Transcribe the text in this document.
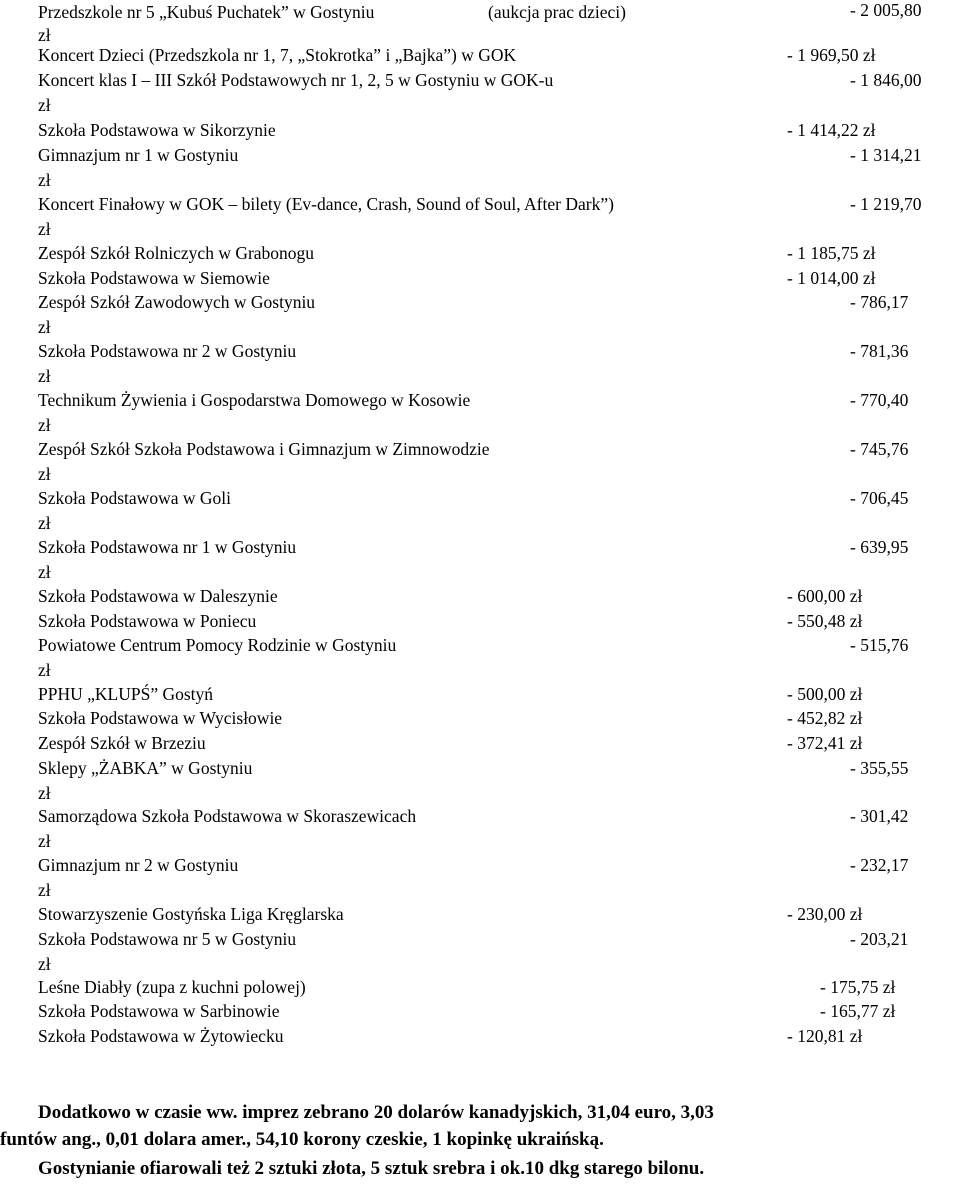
Przedszkole nr 5 „Kubuś Puchatek” w Gostyniu	(aukcja prac dzieci)	- 2 005,80
zł
Koncert Dzieci (Przedszkola nr 1, 7, „Stokrotka” i „Bajka”) w GOK	- 1 969,50 zł
Koncert klas I – III Szkół Podstawowych nr 1, 2, 5 w Gostyniu w GOK-u	- 1 846,00
zł
Szkoła Podstawowa w Sikorzynie	- 1 414,22 zł
Gimnazjum nr 1 w Gostyniu	- 1 314,21
zł
Koncert Finałowy w GOK – bilety (Ev-dance, Crash, Sound of Soul, After Dark”)	- 1 219,70
zł
Zespół Szkół Rolniczych w Grabonogu	- 1 185,75 zł
Szkoła Podstawowa w Siemowie	- 1 014,00 zł
Zespół Szkół Zawodowych w Gostyniu	- 786,17
zł
Szkoła Podstawowa nr 2 w Gostyniu	- 781,36
zł
Technikum Żywienia i Gospodarstwa Domowego w Kosowie	- 770,40
zł
Zespół Szkół Szkoła Podstawowa i Gimnazjum w Zimnowodzie	- 745,76
zł
Szkoła Podstawowa w Goli	- 706,45
zł
Szkoła Podstawowa nr 1 w Gostyniu	- 639,95
zł
Szkoła Podstawowa w Daleszynie	- 600,00 zł
Szkoła Podstawowa w Poniecu	- 550,48 zł
Powiatowe Centrum Pomocy Rodzinie w Gostyniu	- 515,76
zł
PPHU „KLUPŚ” Gostyń	- 500,00 zł
Szkoła Podstawowa w Wycisłowie	- 452,82 zł
Zespół Szkół w Brzeziu	- 372,41 zł
Sklepy „ŻABKA” w Gostyniu	- 355,55
zł
Samorządowa Szkoła Podstawowa w Skoraszewicach	- 301,42
zł
Gimnazjum nr 2 w Gostyniu	- 232,17
zł
Stowarzyszenie Gostyńska Liga Kręglarska	- 230,00 zł
Szkoła Podstawowa nr 5 w Gostyniu	- 203,21
zł
Leśne Diabły (zupa z kuchni polowej)	- 175,75 zł
Szkoła Podstawowa w Sarbinowie	- 165,77 zł
Szkoła Podstawowa w Żytowiecku	- 120,81 zł
Dodatkowo w czasie ww. imprez zebrano 20 dolarów kanadyjskich, 31,04 euro, 3,03
funtów ang., 0,01 dolara amer., 54,10 korony czeskie, 1 kopinkę ukraińską.
Gostynianie ofiarowali też 2 sztuki złota, 5 sztuk srebra i ok.10 dkg starego bilonu.
